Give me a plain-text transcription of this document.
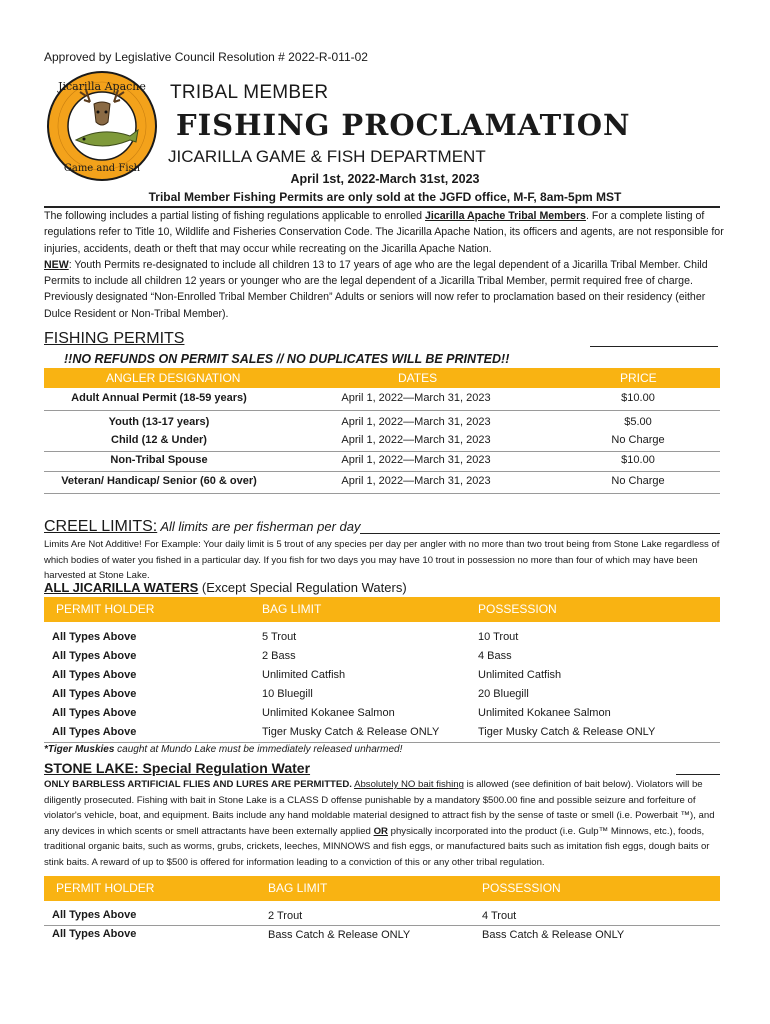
Approved by Legislative Council Resolution # 2022-R-011-02
Jicarilla Apache
Game and Fish
TRIBAL MEMBER
FISHING PROCLAMATION
JICARILLA GAME & FISH DEPARTMENT
April 1st, 2022-March 31st, 2023
Tribal Member Fishing Permits are only sold at the JGFD office, M-F, 8am-5pm MST
The following includes a partial listing of fishing regulations applicable to enrolled Jicarilla Apache Tribal Members. For a complete listing of regulations refer to Title 10, Wildlife and Fisheries Conservation Code. The Jicarilla Apache Nation, its officers and agents, are not responsible for injuries, accidents, death or theft that may occur while recreating on the Jicarilla Apache Nation.
NEW: Youth Permits re-designated to include all children 13 to 17 years of age who are the legal dependent of a Jicarilla Tribal Member. Child Permits to include all children 12 years or younger who are the legal dependent of a Jicarilla Tribal Member, permit required free of charge. Previously designated “Non-Enrolled Tribal Member Children” Adults or seniors will now refer to proclamation based on their residency (either Dulce Resident or Non-Tribal Member).
FISHING PERMITS
!!NO REFUNDS ON PERMIT SALES // NO DUPLICATES WILL BE PRINTED!!
ANGLER DESIGNATION	DATES	PRICE
Adult Annual Permit (18-59 years)	April 1, 2022—March 31, 2023	$10.00
Youth (13-17 years)	April 1, 2022—March 31, 2023	$5.00
Child (12 & Under)	April 1, 2022—March 31, 2023	No Charge
Non-Tribal Spouse	April 1, 2022—March 31, 2023	$10.00
Veteran/ Handicap/ Senior (60 & over)	April 1, 2022—March 31, 2023	No Charge
CREEL LIMITS: All limits are per fisherman per day
Limits Are Not Additive! For Example: Your daily limit is 5 trout of any species per day per angler with no more than two trout being from Stone Lake regardless of which bodies of water you fished in a particular day. If you fish for two days you may have 10 trout in possession no more than four of which may have been harvested at Stone Lake.
ALL JICARILLA WATERS (Except Special Regulation Waters)
PERMIT HOLDER	BAG LIMIT	POSSESSION
All Types Above	5 Trout	10 Trout
All Types Above	2 Bass	4 Bass
All Types Above	Unlimited Catfish	Unlimited Catfish
All Types Above	10 Bluegill	20 Bluegill
All Types Above	Unlimited Kokanee Salmon	Unlimited Kokanee Salmon
All Types Above	Tiger Musky Catch & Release ONLY	Tiger Musky Catch & Release ONLY
*Tiger Muskies caught at Mundo Lake must be immediately released unharmed!
STONE LAKE: Special Regulation Water
ONLY BARBLESS ARTIFICIAL FLIES AND LURES ARE PERMITTED. Absolutely NO bait fishing is allowed (see definition of bait below). Violators will be diligently prosecuted. Fishing with bait in Stone Lake is a CLASS D offense punishable by a mandatory $500.00 fine and possible seizure and forfeiture of violator's vehicle, boat, and equipment. Baits include any hand moldable material designed to attract fish by the sense of taste or smell (i.e. Powerbait ™), and any devices in which scents or smell attractants have been externally applied OR physically incorporated into the product (i.e. Gulp™ Minnows, etc.), foods, traditional organic baits, such as worms, grubs, crickets, leeches, MINNOWS and fish eggs, or manufactured baits such as imitation fish eggs, dough baits or stink baits. A reward of up to $500 is offered for information leading to a conviction of this or any other tribal regulation.
PERMIT HOLDER	BAG LIMIT	POSSESSION
All Types Above	2 Trout	4 Trout
All Types Above	Bass Catch & Release ONLY	Bass Catch & Release ONLY
